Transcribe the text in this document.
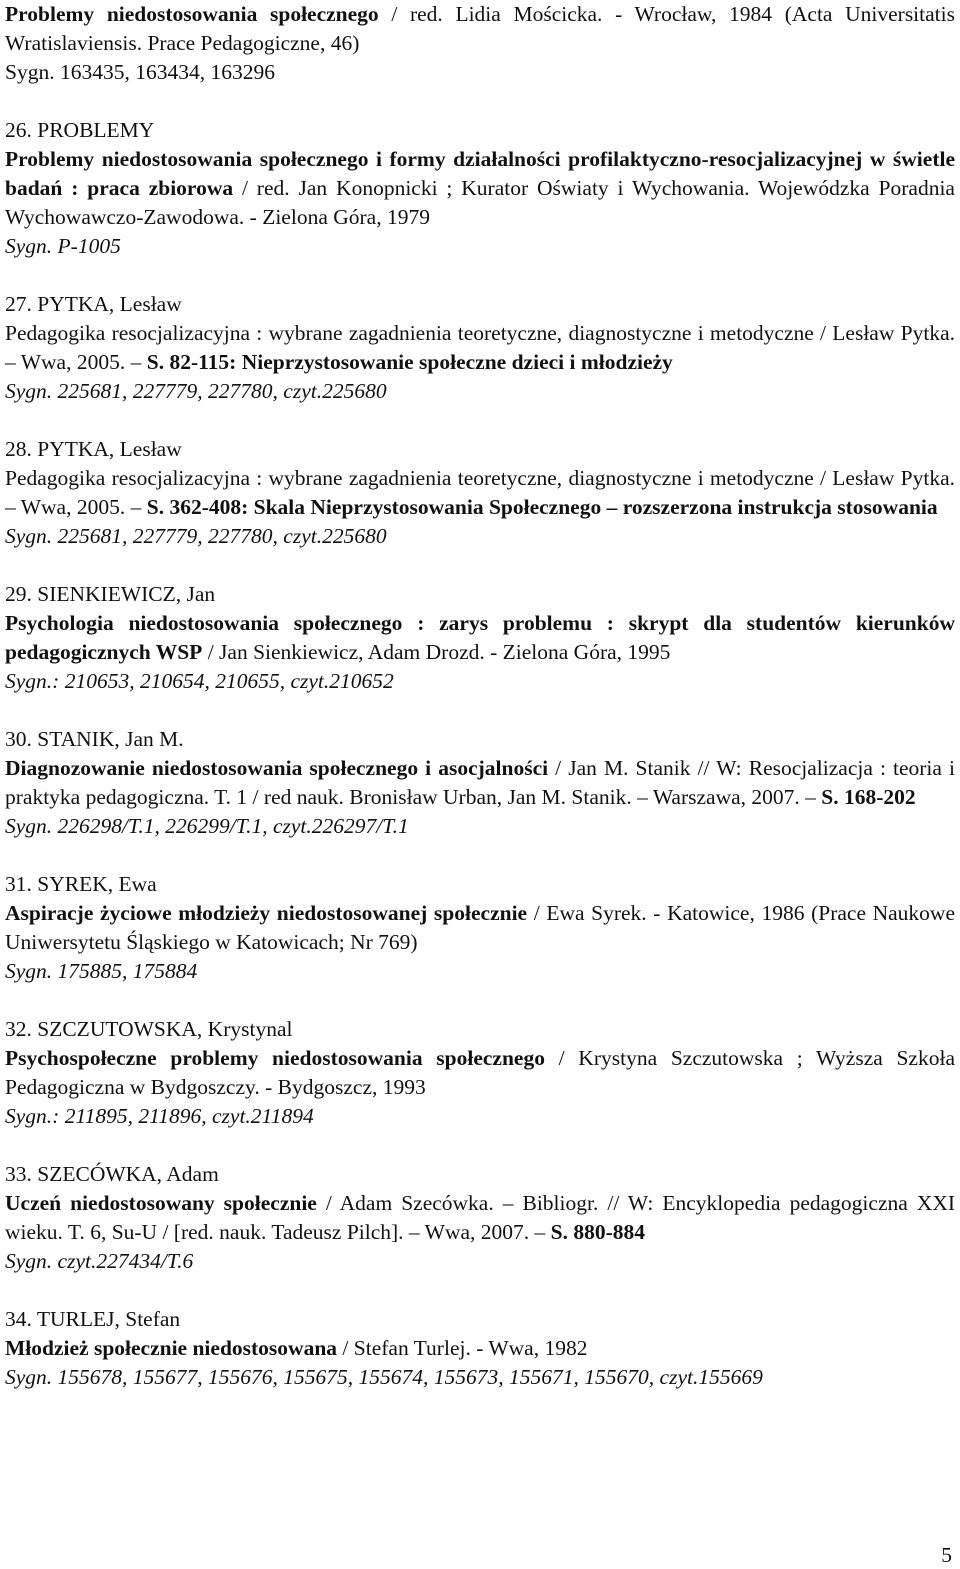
Problemy niedostosowania społecznego / red. Lidia Mościcka. - Wrocław, 1984 (Acta Universitatis Wratislaviensis. Prace Pedagogiczne, 46)

Sygn. 163435, 163434, 163296

26. PROBLEMY

Problemy niedostosowania społecznego i formy działalności profilaktyczno-resocjalizacyjnej w świetle badań : praca zbiorowa / red. Jan Konopnicki ; Kurator Oświaty i Wychowania. Wojewódzka Poradnia Wychowawczo-Zawodowa. - Zielona Góra, 1979

Sygn. P-1005

27. PYTKA, Lesław

Pedagogika resocjalizacyjna : wybrane zagadnienia teoretyczne, diagnostyczne i metodyczne / Lesław Pytka. – Wwa, 2005. – S. 82-115: Nieprzystosowanie społeczne dzieci i młodzieży

Sygn. 225681, 227779, 227780, czyt.225680

28. PYTKA, Lesław

Pedagogika resocjalizacyjna : wybrane zagadnienia teoretyczne, diagnostyczne i metodyczne / Lesław Pytka. – Wwa, 2005. – S. 362-408: Skala Nieprzystosowania Społecznego – rozszerzona instrukcja stosowania

Sygn. 225681, 227779, 227780, czyt.225680

29. SIENKIEWICZ, Jan

Psychologia niedostosowania społecznego : zarys problemu : skrypt dla studentów kierunków pedagogicznych WSP / Jan Sienkiewicz, Adam Drozd. - Zielona Góra, 1995

Sygn.: 210653, 210654, 210655, czyt.210652

30. STANIK, Jan M.

Diagnozowanie niedostosowania społecznego i asocjalności / Jan M. Stanik // W: Resocjalizacja : teoria i praktyka pedagogiczna. T. 1 / red nauk. Bronisław Urban, Jan M. Stanik. – Warszawa, 2007. – S. 168-202

Sygn. 226298/T.1, 226299/T.1, czyt.226297/T.1

31. SYREK, Ewa

Aspiracje życiowe młodzieży niedostosowanej społecznie / Ewa Syrek. - Katowice, 1986 (Prace Naukowe Uniwersytetu Śląskiego w Katowicach; Nr 769)

Sygn. 175885, 175884

32. SZCZUTOWSKA, Krystynal

Psychospołeczne problemy niedostosowania społecznego / Krystyna Szczutowska ; Wyższa Szkoła Pedagogiczna w Bydgoszczy. - Bydgoszcz, 1993

Sygn.: 211895, 211896, czyt.211894

33. SZECÓWKA, Adam

Uczeń niedostosowany społecznie / Adam Szecówka. – Bibliogr. // W: Encyklopedia pedagogiczna XXI wieku. T. 6, Su-U / [red. nauk. Tadeusz Pilch]. – Wwa, 2007. – S. 880-884

Sygn. czyt.227434/T.6

34. TURLEJ, Stefan

Młodzież społecznie niedostosowana / Stefan Turlej. - Wwa, 1982

Sygn. 155678, 155677, 155676, 155675, 155674, 155673, 155671, 155670, czyt.155669

5
